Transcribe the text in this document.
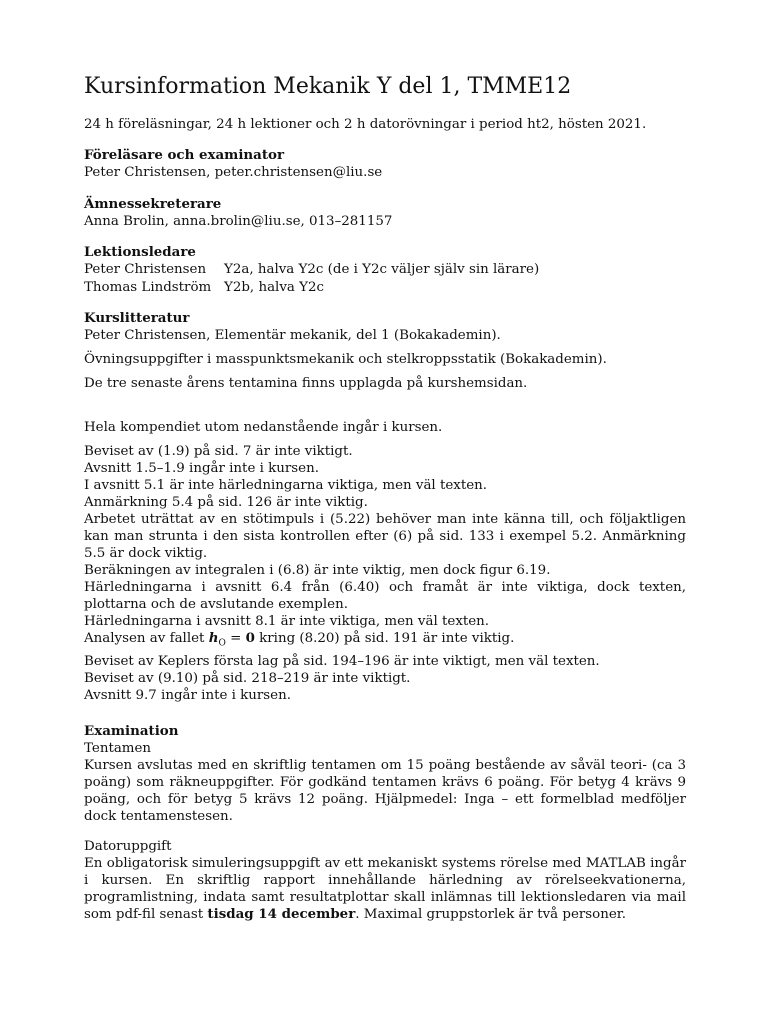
Kursinformation Mekanik Y del 1, TMME12

24 h föreläsningar, 24 h lektioner och 2 h datorövningar i period ht2, hösten 2021.

Föreläsare och examinator
Peter Christensen, peter.christensen@liu.se
Ämnessekreterare
Anna Brolin, anna.brolin@liu.se, 013–281157
Lektionsledare
Peter Christensen Y2a, halva Y2c (de i Y2c väljer själv sin lärare)
Thomas Lindström Y2b, halva Y2c
Kurslitteratur
Peter Christensen, Elementär mekanik, del 1 (Bokakademin).
Övningsuppgifter i masspunktsmekanik och stelkroppsstatik (Bokakademin).
De tre senaste årens tentamina finns upplagda på kurshemsidan.
Hela kompendiet utom nedanstående ingår i kursen.

Beviset av (1.9) på sid. 7 är inte viktigt.

Avsnitt 1.5–1.9 ingår inte i kursen.

I avsnitt 5.1 är inte härledningarna viktiga, men väl texten.

Anmärkning 5.4 på sid. 126 är inte viktig.

Arbetet uträttat av en stötimpuls i (5.22) behöver man inte känna till, och följaktligen kan man strunta i den sista kontrollen efter (6) på sid. 133 i exempel 5.2. Anmärkning 5.5 är dock viktig.

Beräkningen av integralen i (6.8) är inte viktig, men dock figur 6.19.

Härledningarna i avsnitt 6.4 från (6.40) och framåt är inte viktiga, dock texten, plottarna och de avslutande exemplen.

Härledningarna i avsnitt 8.1 är inte viktiga, men väl texten.

Analysen av fallet $h_O = 0$ kring (8.20) på sid. 191 är inte viktig.

Beviset av Keplers första lag på sid. 194–196 är inte viktigt, men väl texten.

Beviset av (9.10) på sid. 218–219 är inte viktigt.

Avsnitt 9.7 ingår inte i kursen.

Examination
Tentamen

Kursen avslutas med en skriftlig tentamen om 15 poäng bestående av såväl teori- (ca 3 poäng) som räkneuppgifter. För godkänd tentamen krävs 6 poäng. För betyg 4 krävs 9 poäng, och för betyg 5 krävs 12 poäng. Hjälpmedel: Inga – ett formelblad medföljer dock tentamenstesen.

Datoruppgift

En obligatorisk simuleringsuppgift av ett mekaniskt systems rörelse med MATLAB ingår i kursen. En skriftlig rapport innehållande härledning av rörelseekvationerna, programlistning, indata samt resultatplottar skall inlämnas till lektionsledaren via mail som pdf-fil senast tisdag 14 december. Maximal gruppstorlek är två personer.
